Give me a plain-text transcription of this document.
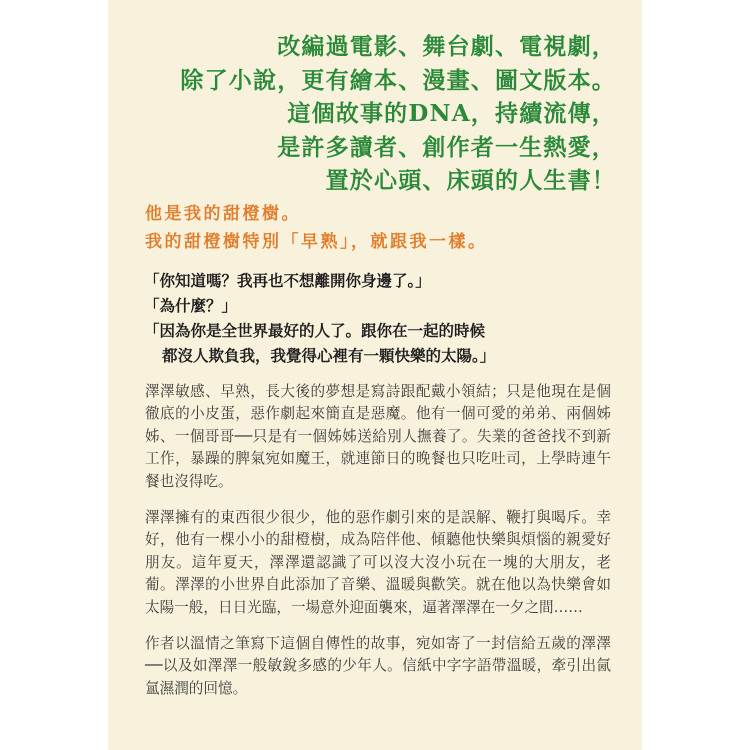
改編過電影、舞台劇、電視劇，
除了小說，更有繪本、漫畫、圖文版本。
這個故事的DNA，持續流傳，
是許多讀者、創作者一生熱愛，
置於心頭、床頭的人生書！
他是我的甜橙樹。
我的甜橙樹特別「早熟」，就跟我一樣。
「你知道嗎？我再也不想離開你身邊了。」
「為什麼？」
「因為你是全世界最好的人了。跟你在一起的時候
都沒人欺負我，我覺得心裡有一顆快樂的太陽。」

澤澤敏感、早熟，長大後的夢想是寫詩跟配戴小領結；只是他現在是個徹底的小皮蛋，惡作劇起來簡直是惡魔。他有一個可愛的弟弟、兩個姊姊、一個哥哥──只是有一個姊姊送給別人撫養了。失業的爸爸找不到新工作，暴躁的脾氣宛如魔王，就連節日的晚餐也只吃吐司，上學時連午餐也沒得吃。

澤澤擁有的東西很少很少，他的惡作劇引來的是誤解、鞭打與喝斥。幸好，他有一棵小小的甜橙樹，成為陪伴他、傾聽他快樂與煩惱的親愛好朋友。這年夏天，澤澤還認識了可以沒大沒小玩在一塊的大朋友，老葡。澤澤的小世界自此添加了音樂、溫暖與歡笑。就在他以為快樂會如太陽一般，日日光臨，一場意外迎面襲來，逼著澤澤在一夕之間……

作者以溫情之筆寫下這個自傳性的故事，宛如寄了一封信給五歲的澤澤──以及如澤澤一般敏銳多感的少年人。信紙中字字語帶溫暖，牽引出氤氳濕潤的回憶。
